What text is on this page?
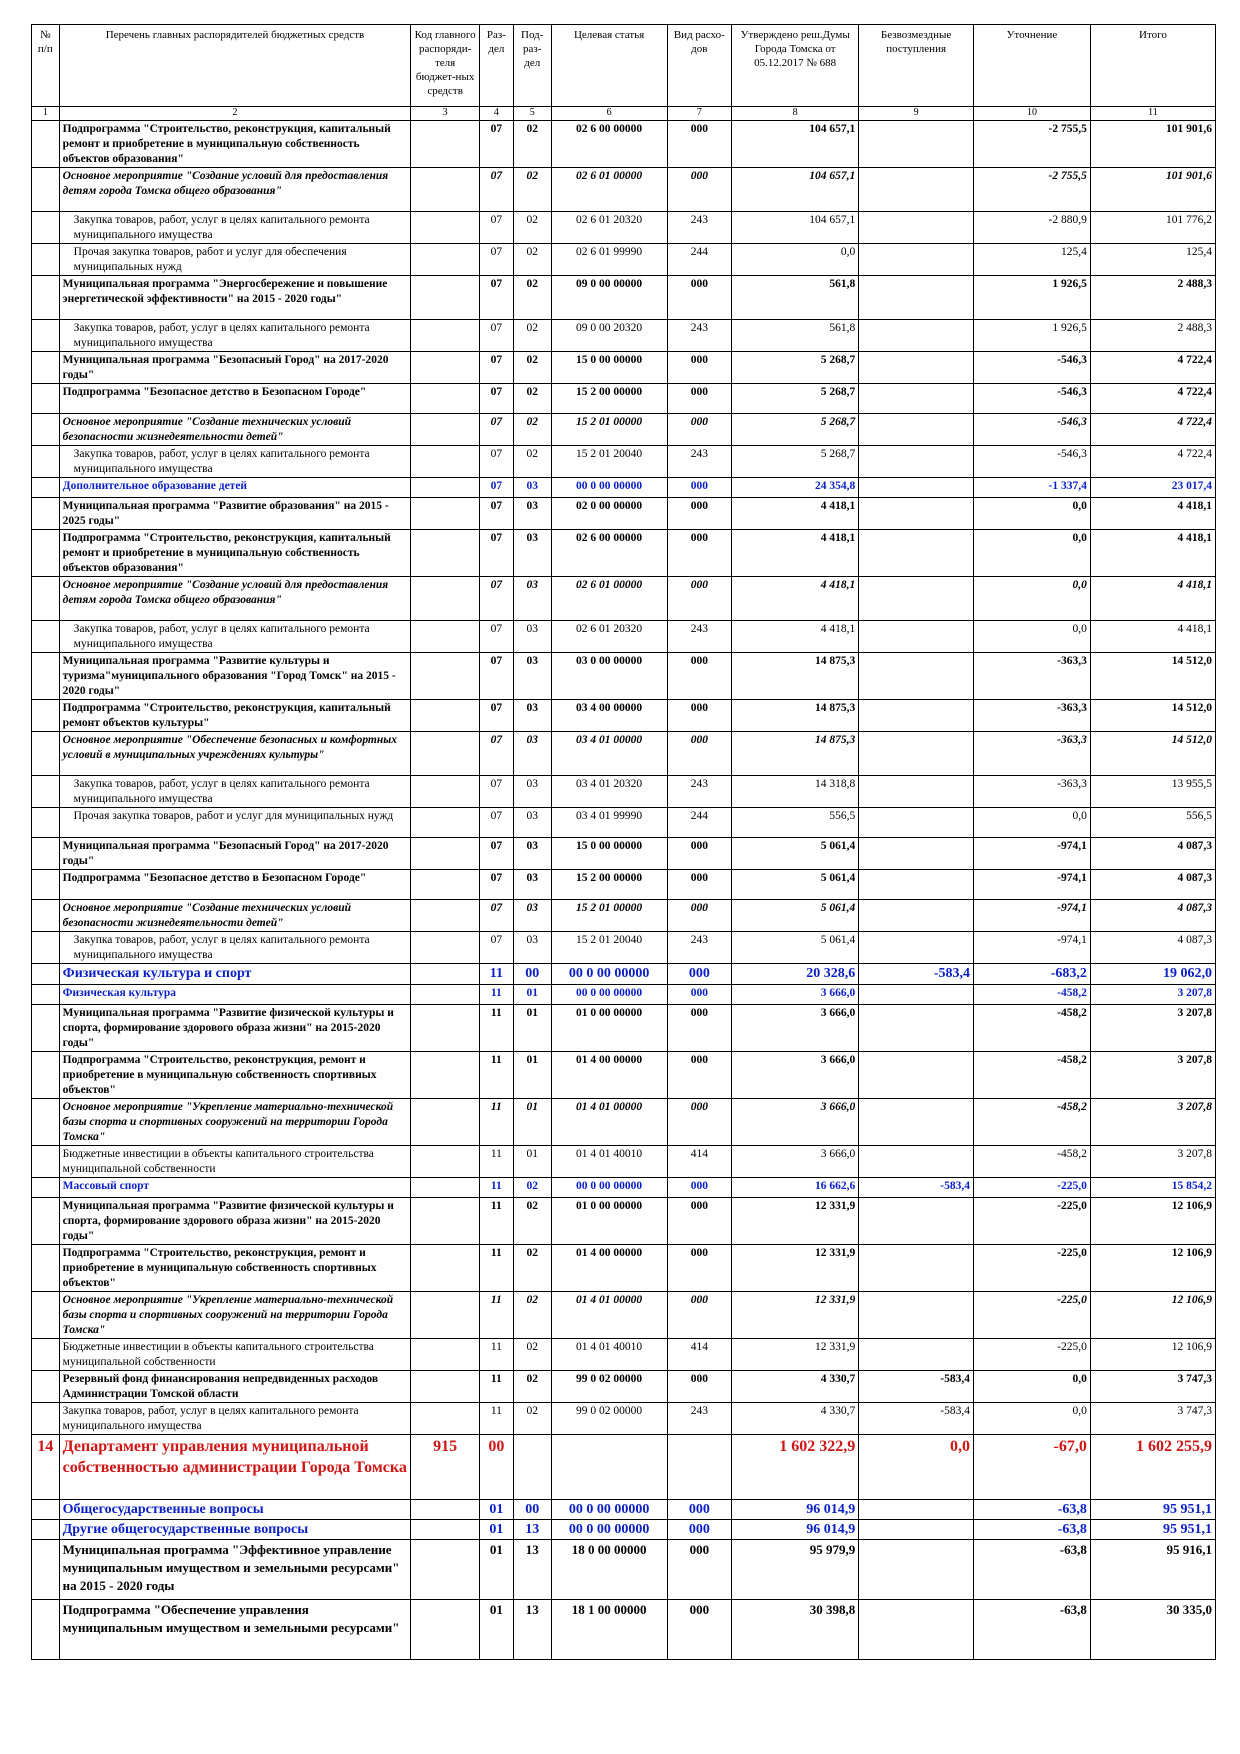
№ п/п	Перечень главных распорядителей бюджетных средств	Код главного распоряди-теля бюджет-ных средств	Раз-дел	Под-раз-дел	Целевая статья	Вид расхо-дов	Утверждено реш.Думы Города Томска от 05.12.2017 № 688	Безвозмездные поступления	Уточнение	Итого
1	2	3	4	5	6	7	8	9	10	11
	Подпрограмма "Строительство, реконструкция, капитальный ремонт и приобретение в муниципальную собственность объектов образования"		07	02	02 6 00 00000	000	104 657,1		-2 755,5	101 901,6
	Основное мероприятие "Создание условий для предоставления детям города Томска общего образования"		07	02	02 6 01 00000	000	104 657,1		-2 755,5	101 901,6
	Закупка товаров, работ, услуг в целях капитального ремонта муниципального имущества		07	02	02 6 01 20320	243	104 657,1		-2 880,9	101 776,2
	Прочая закупка товаров, работ и услуг для обеспечения муниципальных нужд		07	02	02 6 01 99990	244	0,0		125,4	125,4
	Муниципальная программа "Энергосбережение и повышение энергетической эффективности" на 2015 - 2020 годы"		07	02	09 0 00 00000	000	561,8		1 926,5	2 488,3
	Закупка товаров, работ, услуг в целях капитального ремонта муниципального имущества		07	02	09 0 00 20320	243	561,8		1 926,5	2 488,3
	Муниципальная программа "Безопасный Город" на 2017-2020 годы"		07	02	15 0 00 00000	000	5 268,7		-546,3	4 722,4
	Подпрограмма "Безопасное детство в Безопасном Городе"		07	02	15 2 00 00000	000	5 268,7		-546,3	4 722,4
	Основное мероприятие "Создание технических условий безопасности жизнедеятельности детей"		07	02	15 2 01 00000	000	5 268,7		-546,3	4 722,4
	Закупка товаров, работ, услуг в целях капитального ремонта муниципального имущества		07	02	15 2 01 20040	243	5 268,7		-546,3	4 722,4
	Дополнительное образование детей		07	03	00 0 00 00000	000	24 354,8		-1 337,4	23 017,4
	Муниципальная программа "Развитие образования" на 2015 - 2025 годы"		07	03	02 0 00 00000	000	4 418,1		0,0	4 418,1
	Подпрограмма "Строительство, реконструкция, капитальный ремонт и приобретение в муниципальную собственность объектов образования"		07	03	02 6 00 00000	000	4 418,1		0,0	4 418,1
	Основное мероприятие "Создание условий для предоставления детям города Томска общего образования"		07	03	02 6 01 00000	000	4 418,1		0,0	4 418,1
	Закупка товаров, работ, услуг в целях капитального ремонта муниципального имущества		07	03	02 6 01 20320	243	4 418,1		0,0	4 418,1
	Муниципальная программа "Развитие культуры и туризма"муниципального образования "Город Томск" на 2015 - 2020 годы"		07	03	03 0 00 00000	000	14 875,3		-363,3	14 512,0
	Подпрограмма "Строительство, реконструкция, капитальный ремонт объектов культуры"		07	03	03 4 00 00000	000	14 875,3		-363,3	14 512,0
	Основное мероприятие "Обеспечение безопасных и комфортных условий в муниципальных учреждениях культуры"		07	03	03 4 01 00000	000	14 875,3		-363,3	14 512,0
	Закупка товаров, работ, услуг в целях капитального ремонта муниципального имущества		07	03	03 4 01 20320	243	14 318,8		-363,3	13 955,5
	Прочая закупка товаров, работ и услуг для муниципальных нужд		07	03	03 4 01 99990	244	556,5		0,0	556,5
	Муниципальная программа "Безопасный Город" на 2017-2020 годы"		07	03	15 0 00 00000	000	5 061,4		-974,1	4 087,3
	Подпрограмма "Безопасное детство в Безопасном Городе"		07	03	15 2 00 00000	000	5 061,4		-974,1	4 087,3
	Основное мероприятие "Создание технических условий безопасности жизнедеятельности детей"		07	03	15 2 01 00000	000	5 061,4		-974,1	4 087,3
	Закупка товаров, работ, услуг в целях капитального ремонта муниципального имущества		07	03	15 2 01 20040	243	5 061,4		-974,1	4 087,3
	Физическая культура и спорт		11	00	00 0 00 00000	000	20 328,6	-583,4	-683,2	19 062,0
	Физическая культура		11	01	00 0 00 00000	000	3 666,0		-458,2	3 207,8
	Муниципальная программа "Развитие физической культуры и спорта, формирование здорового образа жизни" на 2015-2020 годы"		11	01	01 0 00 00000	000	3 666,0		-458,2	3 207,8
	Подпрограмма "Строительство, реконструкция, ремонт и приобретение в муниципальную собственность спортивных объектов"		11	01	01 4 00 00000	000	3 666,0		-458,2	3 207,8
	Основное мероприятие "Укрепление материально-технической базы спорта и спортивных сооружений на территории Города Томска"		11	01	01 4 01 00000	000	3 666,0		-458,2	3 207,8
	Бюджетные инвестиции в объекты капитального строительства муниципальной собственности		11	01	01 4 01 40010	414	3 666,0		-458,2	3 207,8
	Массовый спорт		11	02	00 0 00 00000	000	16 662,6	-583,4	-225,0	15 854,2
	Муниципальная программа "Развитие физической культуры и спорта, формирование здорового образа жизни" на 2015-2020 годы"		11	02	01 0 00 00000	000	12 331,9		-225,0	12 106,9
	Подпрограмма "Строительство, реконструкция, ремонт и приобретение в муниципальную собственность спортивных объектов"		11	02	01 4 00 00000	000	12 331,9		-225,0	12 106,9
	Основное мероприятие "Укрепление материально-технической базы спорта и спортивных сооружений на территории Города Томска"		11	02	01 4 01 00000	000	12 331,9		-225,0	12 106,9
	Бюджетные инвестиции в объекты капитального строительства муниципальной собственности		11	02	01 4 01 40010	414	12 331,9		-225,0	12 106,9
	Резервный фонд финансирования непредвиденных расходов Администрации Томской области		11	02	99 0 02 00000	000	4 330,7	-583,4	0,0	3 747,3
	Закупка товаров, работ, услуг в целях капитального ремонта муниципального имущества		11	02	99 0 02 00000	243	4 330,7	-583,4	0,0	3 747,3
14	Департамент управления муниципальной собственностью администрации Города Томска	915	00				1 602 322,9	0,0	-67,0	1 602 255,9
	Общегосударственные вопросы		01	00	00 0 00 00000	000	96 014,9		-63,8	95 951,1
	Другие общегосударственные вопросы		01	13	00 0 00 00000	000	96 014,9		-63,8	95 951,1
	Муниципальная программа "Эффективное управление муниципальным имуществом и земельными ресурсами" на 2015 - 2020 годы		01	13	18 0 00 00000	000	95 979,9		-63,8	95 916,1
	Подпрограмма "Обеспечение управления муниципальным имуществом и земельными ресурсами"		01	13	18 1 00 00000	000	30 398,8		-63,8	30 335,0
